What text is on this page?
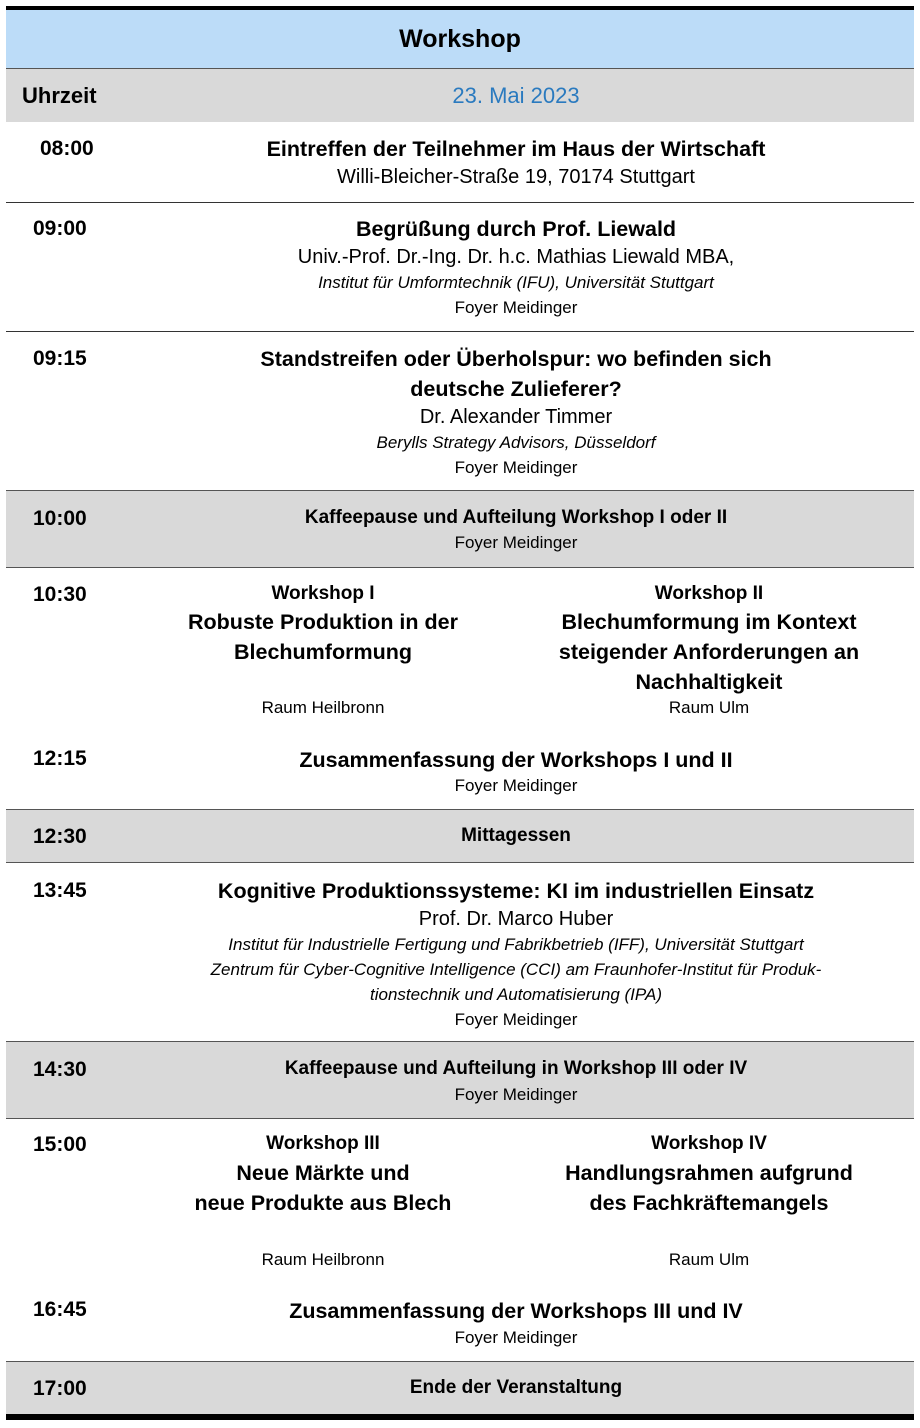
Workshop
Uhrzeit	23. Mai 2023
08:00	Eintreffen der Teilnehmer im Haus der Wirtschaft
Willi-Bleicher-Straße 19, 70174 Stuttgart
09:00	Begrüßung durch Prof. Liewald
Univ.-Prof. Dr.-Ing. Dr. h.c. Mathias Liewald MBA,
Institut für Umformtechnik (IFU), Universität Stuttgart
Foyer Meidinger
09:15	Standstreifen oder Überholspur: wo befinden sich
deutsche Zulieferer?
Dr. Alexander Timmer
Berylls Strategy Advisors, Düsseldorf
Foyer Meidinger
10:00	Kaffeepause und Aufteilung Workshop I oder II
Foyer Meidinger
10:30	Workshop I
Robuste Produktion in der
Blechumformung
Raum Heilbronn
Workshop II
Blechumformung im Kontext
steigender Anforderungen an
Nachhaltigkeit
Raum Ulm
12:15	Zusammenfassung der Workshops I und II
Foyer Meidinger
12:30	Mittagessen
13:45	Kognitive Produktionssysteme: KI im industriellen Einsatz
Prof. Dr. Marco Huber
Institut für Industrielle Fertigung und Fabrikbetrieb (IFF), Universität Stuttgart
Zentrum für Cyber-Cognitive Intelligence (CCI) am Fraunhofer-Institut für Produk-
tionstechnik und Automatisierung (IPA)
Foyer Meidinger
14:30	Kaffeepause und Aufteilung in Workshop III oder IV
Foyer Meidinger
15:00	Workshop III
Neue Märkte und
neue Produkte aus Blech
Raum Heilbronn
Workshop IV
Handlungsrahmen aufgrund
des Fachkräftemangels
Raum Ulm
16:45	Zusammenfassung der Workshops III und IV
Foyer Meidinger
17:00	Ende der Veranstaltung
